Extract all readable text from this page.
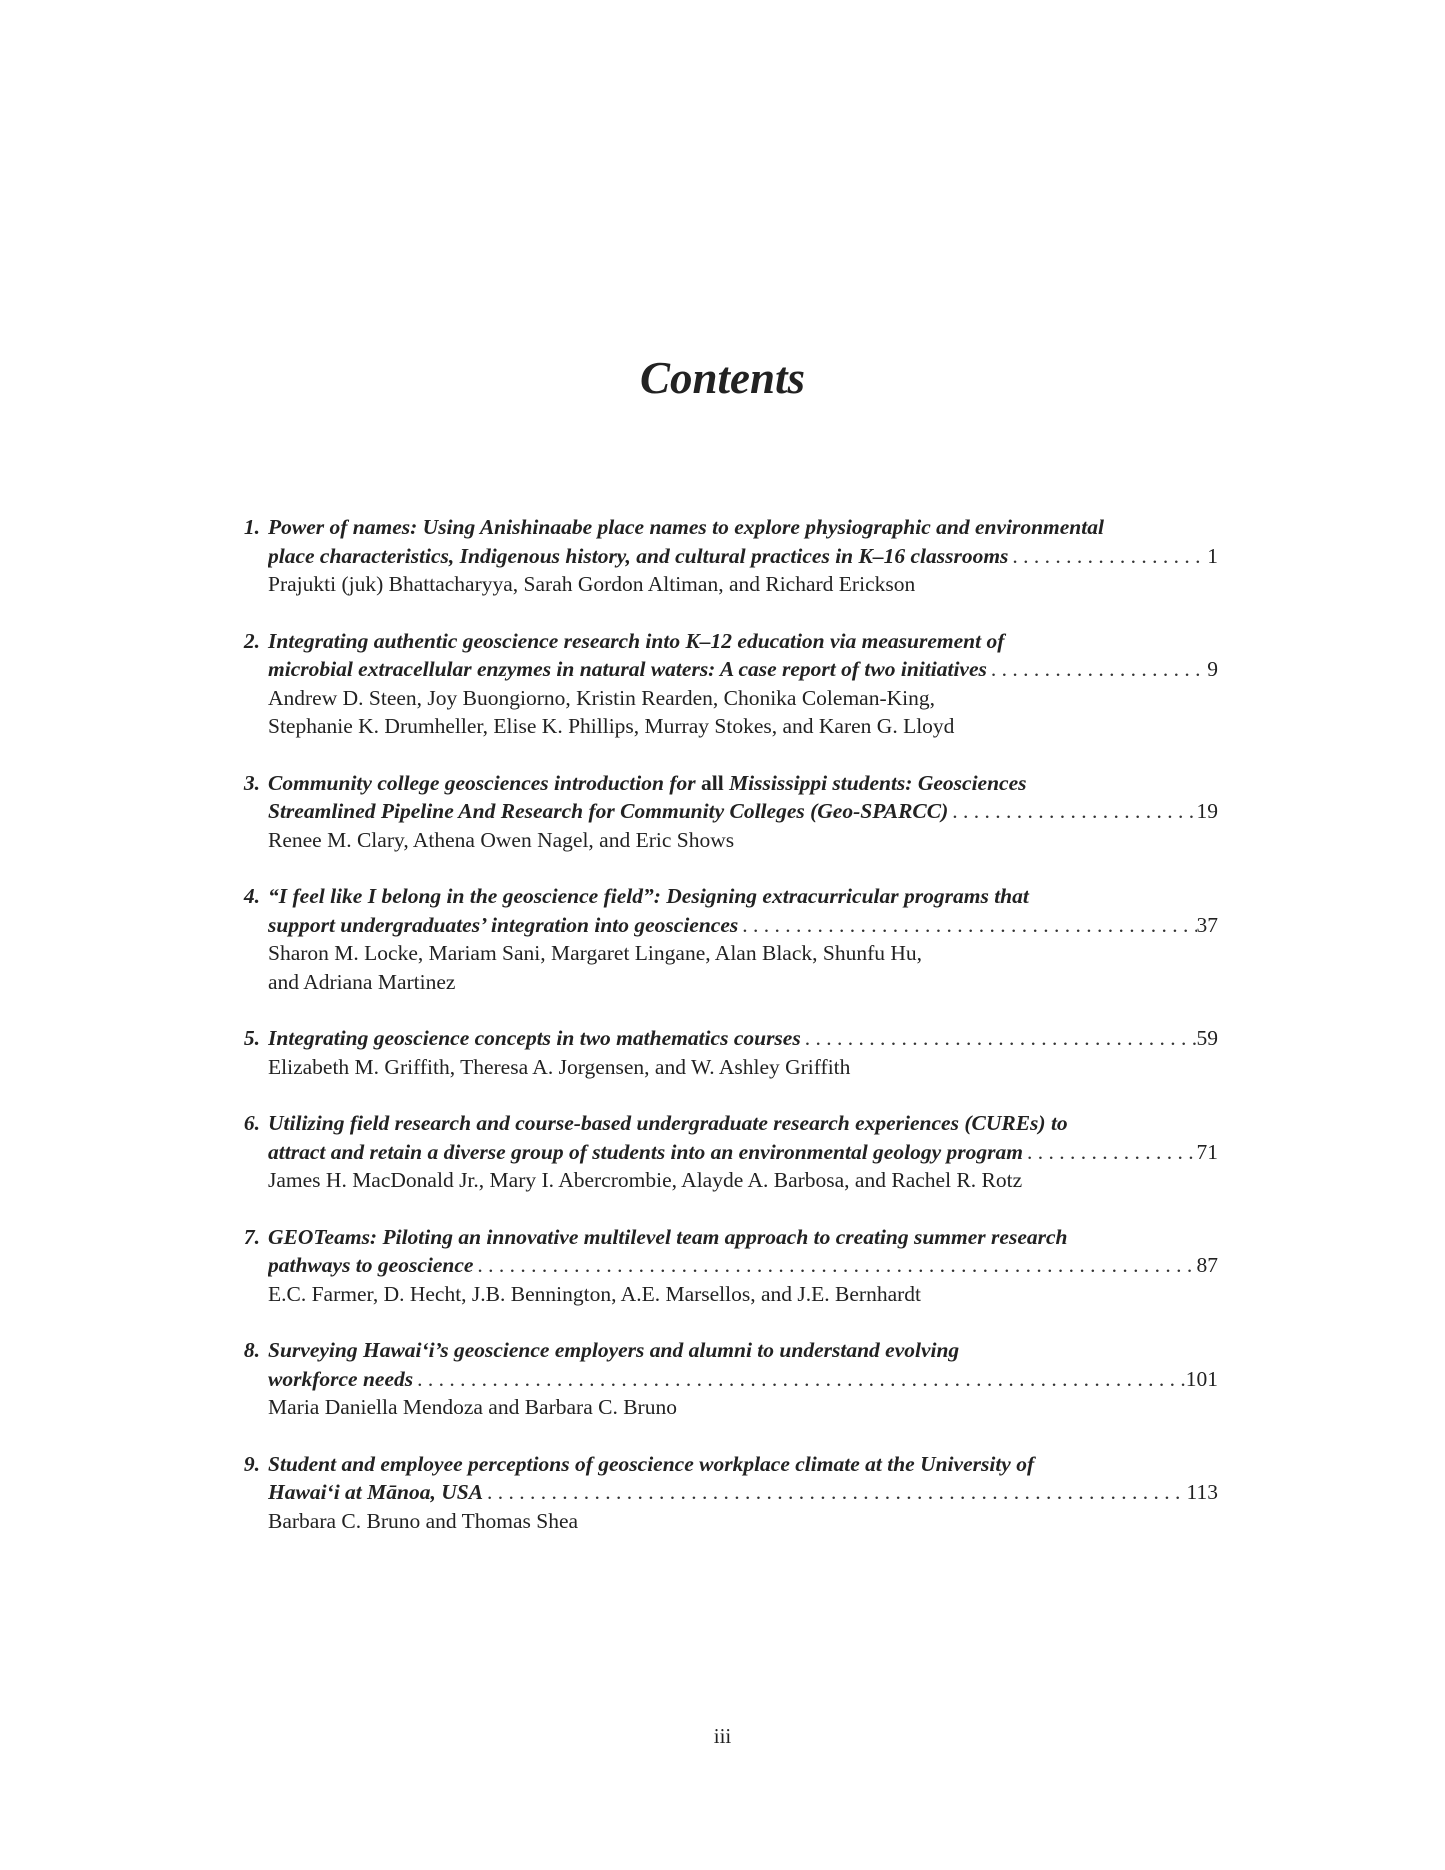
Contents
1. Power of names: Using Anishinaabe place names to explore physiographic and environmental
place characteristics, Indigenous history, and cultural practices in K–16 classrooms . . .	1
Prajukti (juk) Bhattacharyya, Sarah Gordon Altiman, and Richard Erickson
2. Integrating authentic geoscience research into K–12 education via measurement of
microbial extracellular enzymes in natural waters: A case report of two initiatives . . .	9
Andrew D. Steen, Joy Buongiorno, Kristin Rearden, Chonika Coleman-King,
Stephanie K. Drumheller, Elise K. Phillips, Murray Stokes, and Karen G. Lloyd
3. Community college geosciences introduction for all Mississippi students: Geosciences
Streamlined Pipeline And Research for Community Colleges (Geo-SPARCC) . . .	19
Renee M. Clary, Athena Owen Nagel, and Eric Shows
4. “I feel like I belong in the geoscience field”: Designing extracurricular programs that
support undergraduates’ integration into geosciences . . .	37
Sharon M. Locke, Mariam Sani, Margaret Lingane, Alan Black, Shunfu Hu,
and Adriana Martinez
5. Integrating geoscience concepts in two mathematics courses . . .	59
Elizabeth M. Griffith, Theresa A. Jorgensen, and W. Ashley Griffith
6. Utilizing field research and course-based undergraduate research experiences (CUREs) to
attract and retain a diverse group of students into an environmental geology program . . .	71
James H. MacDonald Jr., Mary I. Abercrombie, Alayde A. Barbosa, and Rachel R. Rotz
7. GEOTeams: Piloting an innovative multilevel team approach to creating summer research
pathways to geoscience . . .	87
E.C. Farmer, D. Hecht, J.B. Bennington, A.E. Marsellos, and J.E. Bernhardt
8. Surveying Hawai‘i’s geoscience employers and alumni to understand evolving
workforce needs . . .	101
Maria Daniella Mendoza and Barbara C. Bruno
9. Student and employee perceptions of geoscience workplace climate at the University of
Hawai‘i at Mānoa, USA . . .	113
Barbara C. Bruno and Thomas Shea
iii
